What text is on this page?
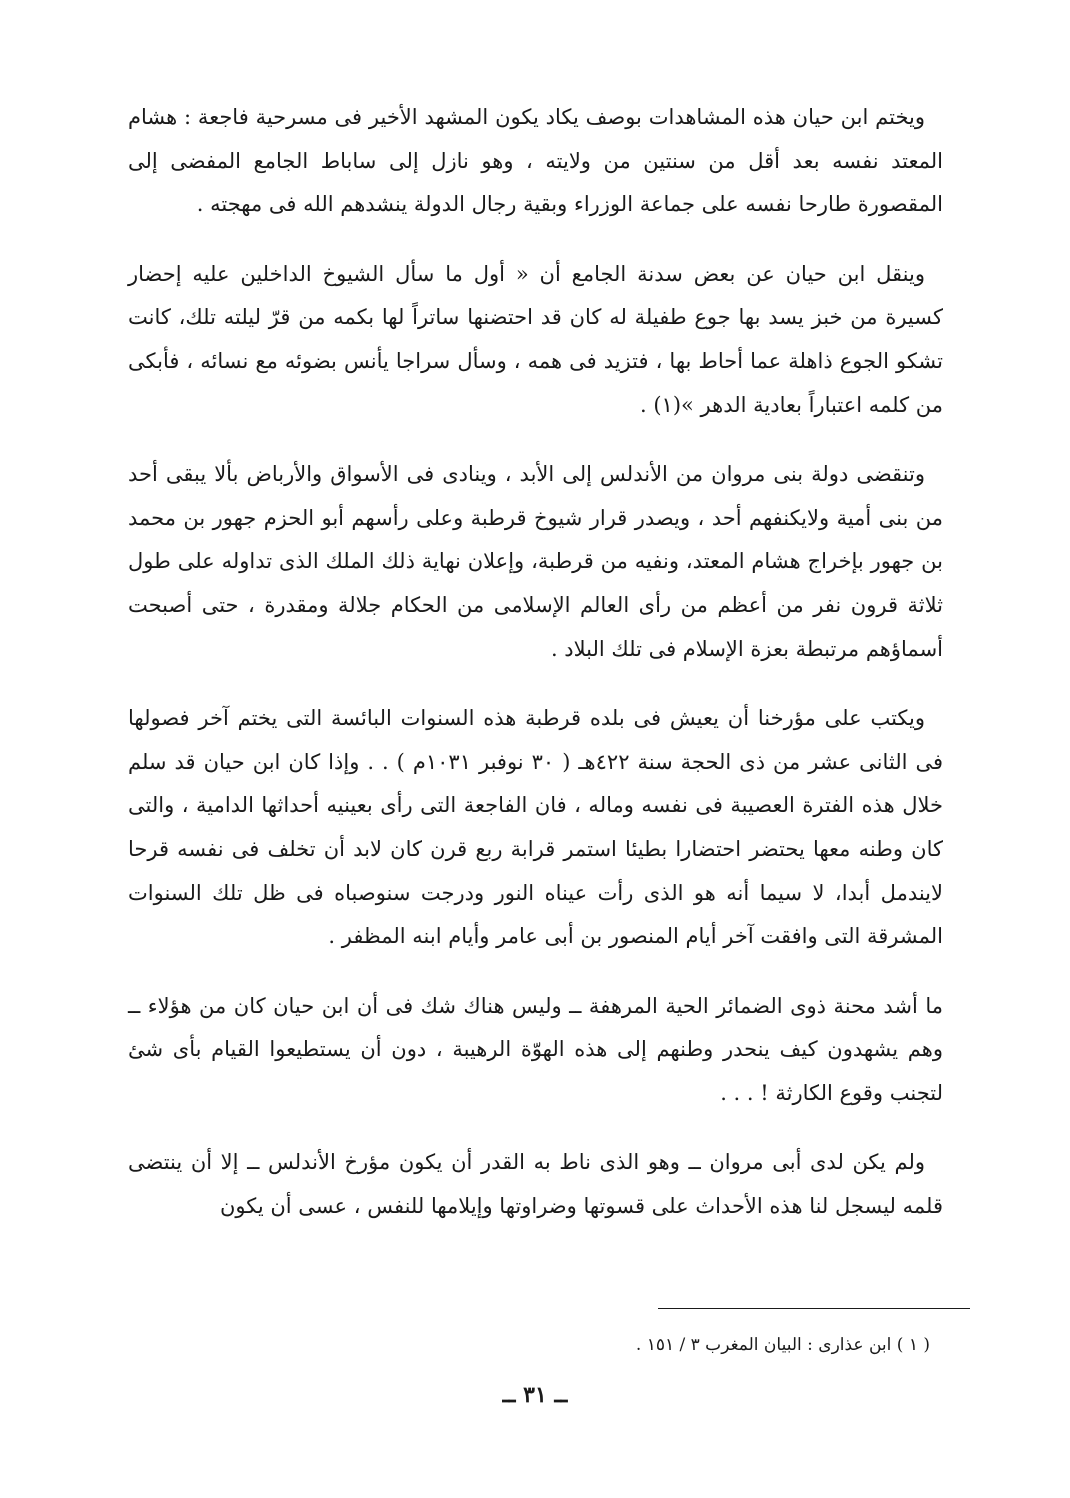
ويختم ابن حيان هذه المشاهدات بوصف يكاد يكون المشهد الأخير فى مسرحية فاجعة : هشام المعتد نفسه بعد أقل من سنتين من ولايته ، وهو نازل إلى ساباط الجامع المفضى إلى المقصورة طارحا نفسه على جماعة الوزراء وبقية رجال الدولة ينشدهم الله فى مهجته .

وينقل ابن حيان عن بعض سدنة الجامع أن « أول ما سأل الشيوخ الداخلين عليه إحضار كسيرة من خبز يسد بها جوع طفيلة له كان قد احتضنها ساتراً لها بكمه من قرّ ليلته تلك، كانت تشكو الجوع ذاهلة عما أحاط بها ، فتزيد فى همه ، وسأل سراجا يأنس بضوئه مع نسائه ، فأبكى من كلمه اعتباراً بعادية الدهر »(١) .

وتنقضى دولة بنى مروان من الأندلس إلى الأبد ، وينادى فى الأسواق والأرباض بألا يبقى أحد من بنى أمية ولايكنفهم أحد ، ويصدر قرار شيوخ قرطبة وعلى رأسهم أبو الحزم جهور بن محمد بن جهور بإخراج هشام المعتد، ونفيه من قرطبة، وإعلان نهاية ذلك الملك الذى تداوله على طول ثلاثة قرون نفر من أعظم من رأى العالم الإسلامى من الحكام جلالة ومقدرة ، حتى أصبحت أسماؤهم مرتبطة بعزة الإسلام فى تلك البلاد .

ويكتب على مؤرخنا أن يعيش فى بلده قرطبة هذه السنوات البائسة التى يختم آخر فصولها فى الثانى عشر من ذى الحجة سنة ٤٢٢هـ ( ٣٠ نوفبر ١٠٣١م ) . . وإذا كان ابن حيان قد سلم خلال هذه الفترة العصيبة فى نفسه وماله ، فان الفاجعة التى رأى بعينيه أحداثها الدامية ، والتى كان وطنه معها يحتضر احتضارا بطيئا استمر قرابة ربع قرن كان لابد أن تخلف فى نفسه قرحا لايندمل أبدا، لا سيما أنه هو الذى رأت عيناه النور ودرجت سنوصباه فى ظل تلك السنوات المشرقة التى وافقت آخر أيام المنصور بن أبى عامر وأيام ابنه المظفر .

ما أشد محنة ذوى الضمائر الحية المرهفة ــ وليس هناك شك فى أن ابن حيان كان من هؤلاء ــ وهم يشهدون كيف ينحدر وطنهم إلى هذه الهوّة الرهيبة ، دون أن يستطيعوا القيام بأى شئ لتجنب وقوع الكارثة ! . . .

ولم يكن لدى أبى مروان ــ وهو الذى ناط به القدر أن يكون مؤرخ الأندلس ــ إلا أن ينتضى قلمه ليسجل لنا هذه الأحداث على قسوتها وضراوتها وإيلامها للنفس ، عسى أن يكون

( ١ ) ابن عذارى : البيان المغرب ٣ / ١٥١ .
ــ ٣١ ــ
